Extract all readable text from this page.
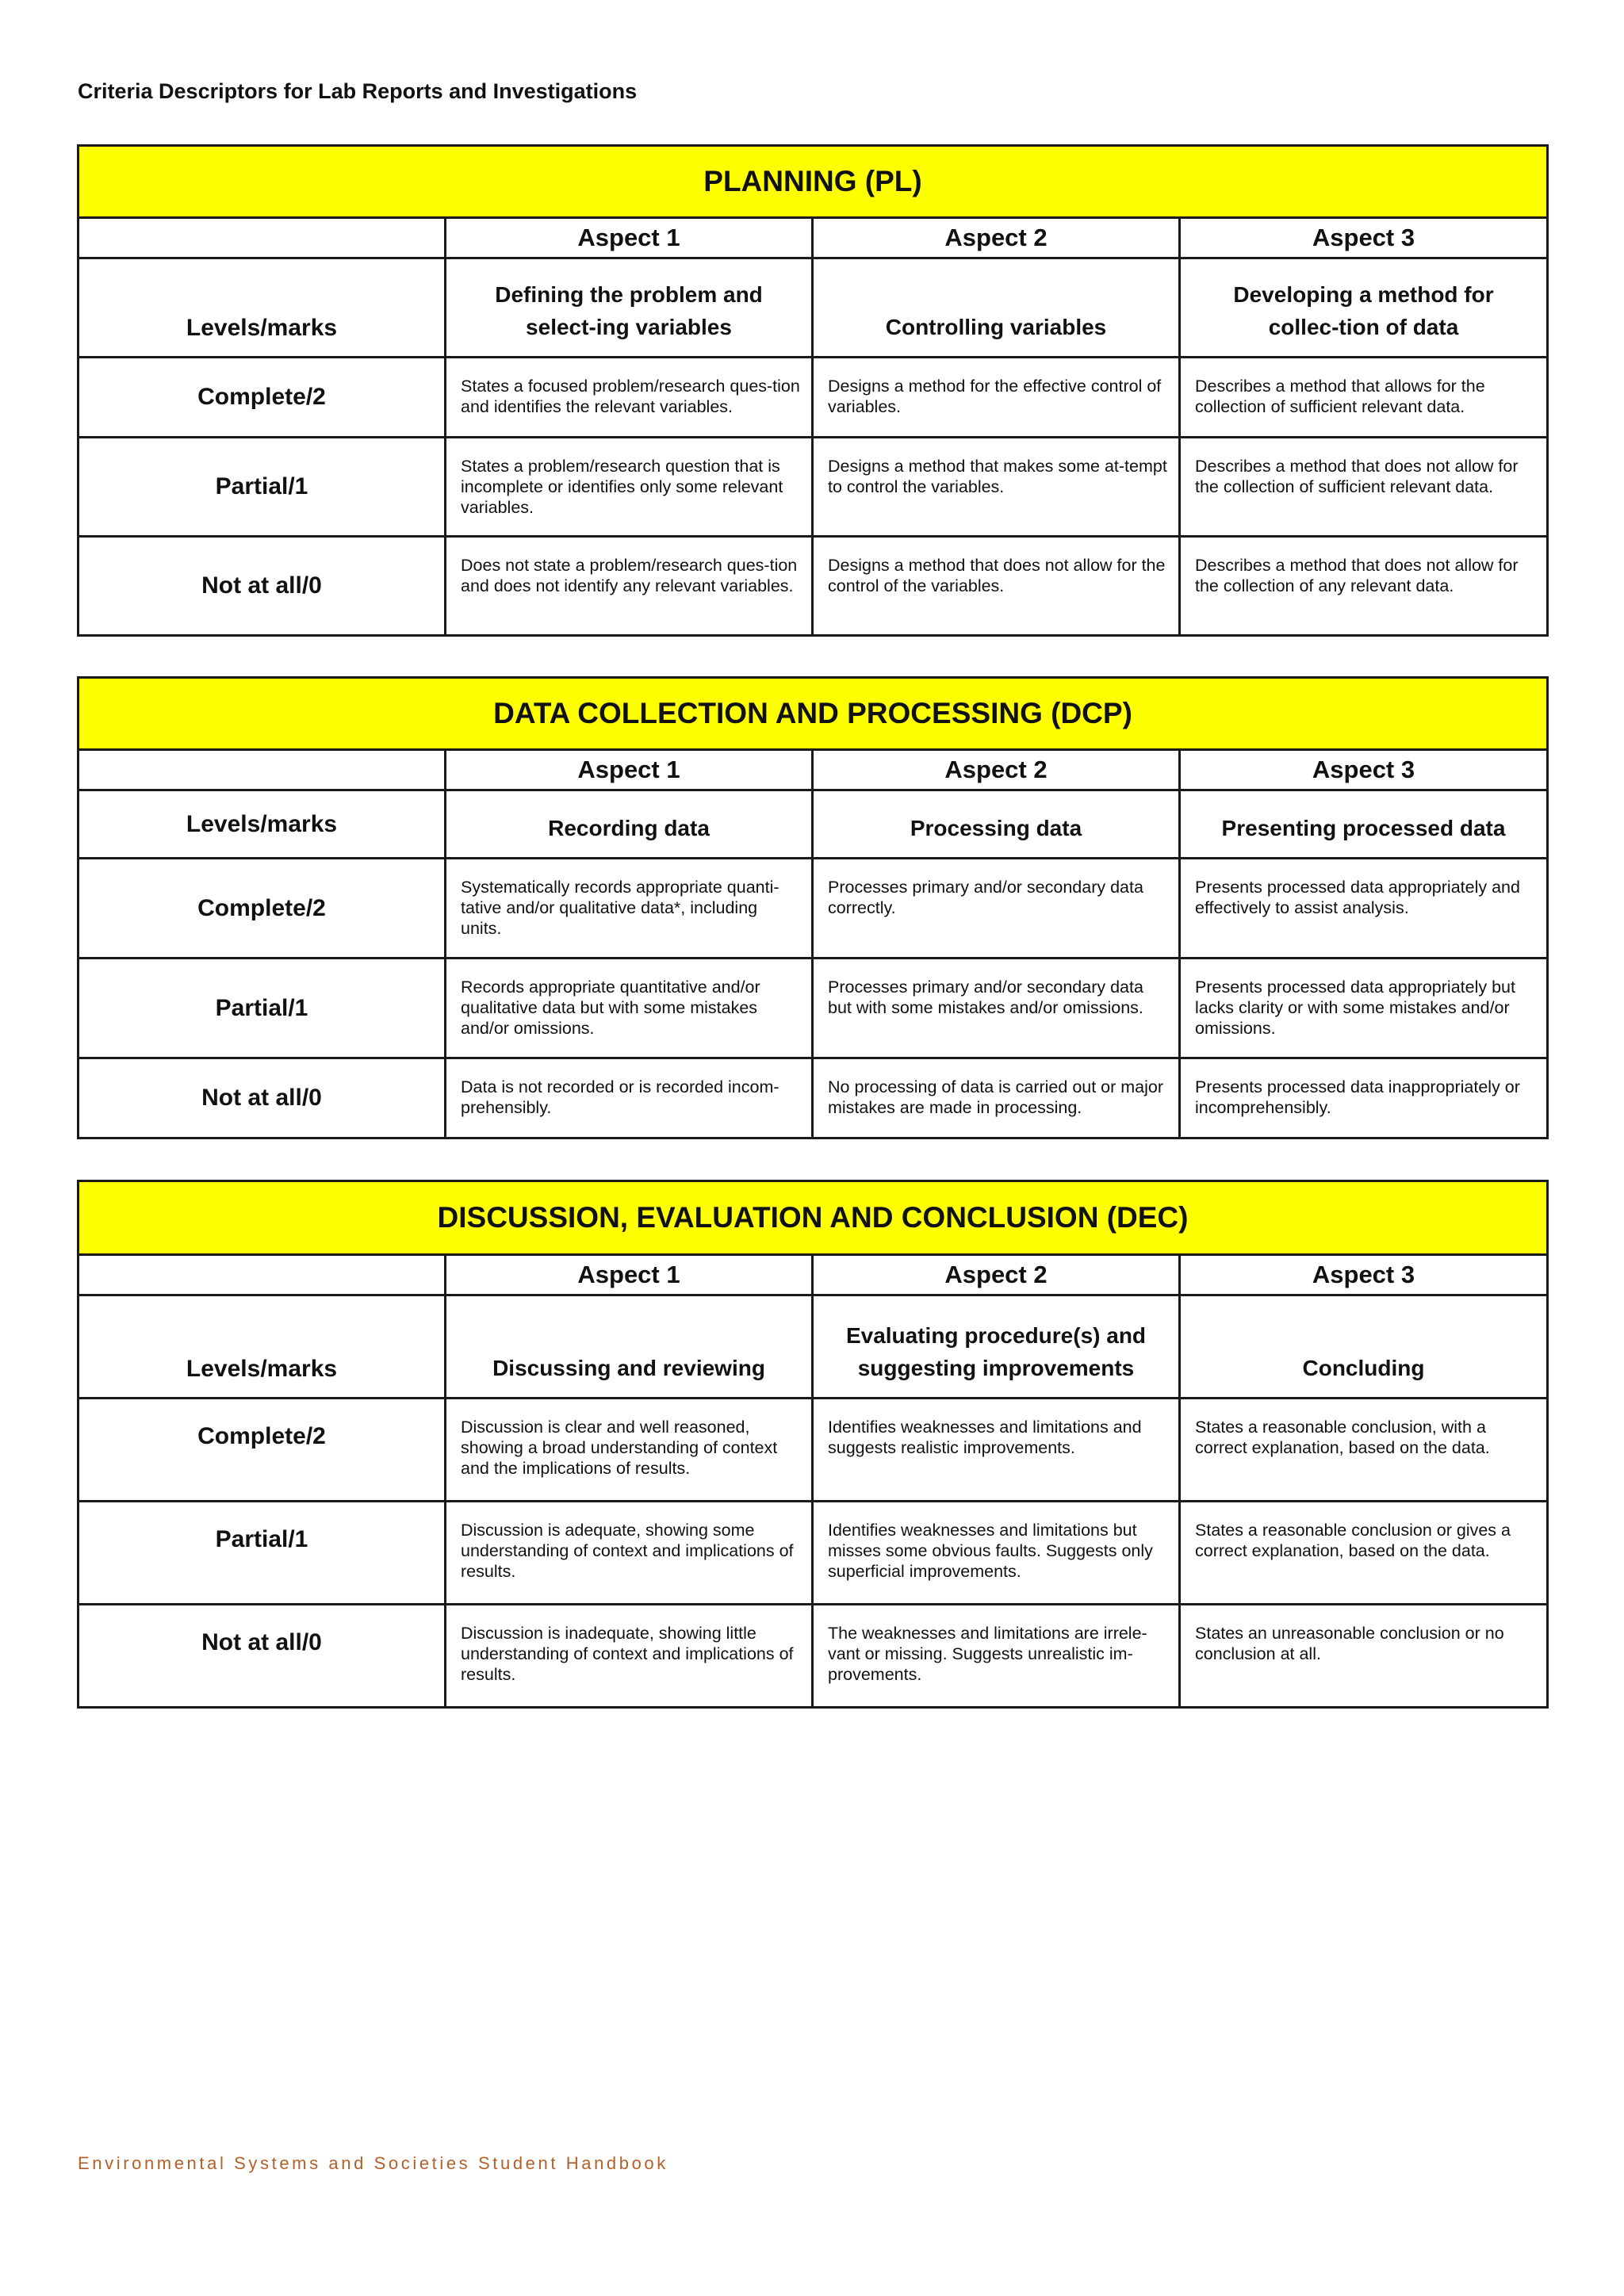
Criteria Descriptors for Lab Reports and Investigations
PLANNING (PL)			
	Aspect 1	Aspect 2	Aspect 3
Levels/marks	Defining the problem and select-ing variables	Controlling variables	Developing a method for collec-tion of data
Complete/2	States a focused problem/research ques-tion and identifies the relevant variables.	Designs a method for the effective control of variables.	Describes a method that allows for the collection of sufficient relevant data.
Partial/1	States a problem/research question that is incomplete or identifies only some relevant variables.	Designs a method that makes some at-tempt to control the variables.	Describes a method that does not allow for the collection of sufficient relevant data.
Not at all/0	Does not state a problem/research ques-tion and does not identify any relevant variables.	Designs a method that does not allow for the control of the variables.	Describes a method that does not allow for the collection of any relevant data.
DATA COLLECTION AND PROCESSING (DCP)			
	Aspect 1	Aspect 2	Aspect 3
Levels/marks	Recording data	Processing data	Presenting processed data
Complete/2	Systematically records appropriate quanti-tative and/or qualitative data*, including units.	Processes primary and/or secondary data correctly.	Presents processed data appropriately and effectively to assist analysis.
Partial/1	Records appropriate quantitative and/or qualitative data but with some mistakes and/or omissions.	Processes primary and/or secondary data but with some mistakes and/or omissions.	Presents processed data appropriately but lacks clarity or with some mistakes and/or omissions.
Not at all/0	Data is not recorded or is recorded incom-prehensibly.	No processing of data is carried out or major mistakes are made in processing.	Presents processed data inappropriately or incomprehensibly.
DISCUSSION, EVALUATION AND CONCLUSION (DEC)			
	Aspect 1	Aspect 2	Aspect 3
Levels/marks	Discussing and reviewing	Evaluating procedure(s) and suggesting improvements	Concluding
Complete/2	Discussion is clear and well reasoned, showing a broad understanding of context and the implications of results.	Identifies weaknesses and limitations and suggests realistic improvements.	States a reasonable conclusion, with a correct explanation, based on the data.
Partial/1	Discussion is adequate, showing some understanding of context and implications of results.	Identifies weaknesses and limitations but misses some obvious faults. Suggests only superficial improvements.	States a reasonable conclusion or gives a correct explanation, based on the data.
Not at all/0	Discussion is inadequate, showing little understanding of context and implications of results.	The weaknesses and limitations are irrele-vant or missing. Suggests unrealistic im-provements.	States an unreasonable conclusion or no conclusion at all.
Environmental Systems and Societies Student Handbook
